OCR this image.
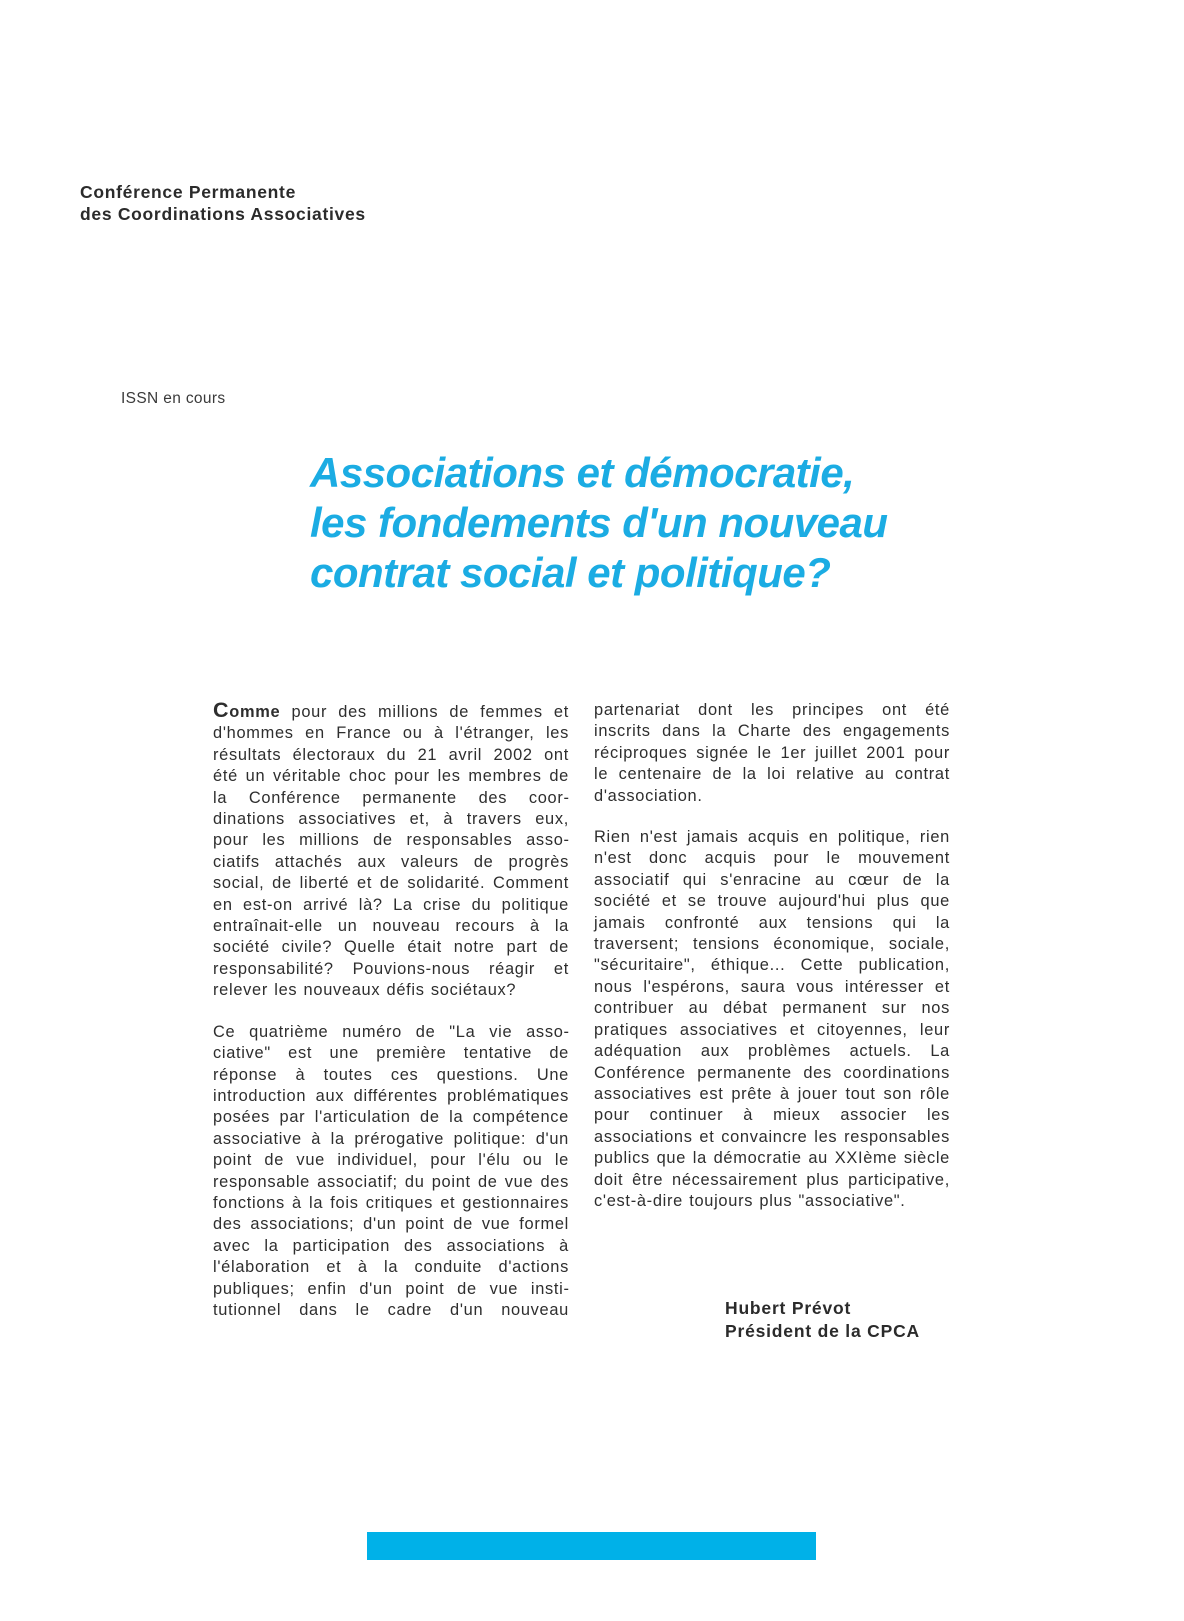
Conférence Permanente
des Coordinations Associatives
ISSN en cours
Associations et démocratie,
les fondements d'un nouveau
contrat social et politique?

Comme pour des millions de femmes et d'hommes en France ou à l'étranger, les résultats électoraux du 21 avril 2002 ont été un véritable choc pour les membres de la Conférence permanente des coordinations associatives et, à travers eux, pour les millions de responsables associatifs attachés aux valeurs de progrès social, de liberté et de solidarité. Comment en est-on arrivé là? La crise du politique entraînait-elle un nouveau recours à la société civile? Quelle était notre part de responsabilité? Pouvions-nous réagir et relever les nouveaux défis sociétaux?

Ce quatrième numéro de "La vie associative" est une première tentative de réponse à toutes ces questions. Une introduction aux différentes problématiques posées par l'articulation de la compétence associative à la prérogative politique: d'un point de vue individuel, pour l'élu ou le responsable associatif; du point de vue des fonctions à la fois critiques et gestionnaires des associations; d'un point de vue formel avec la participation des associations à l'élaboration et à la conduite d'actions publiques; enfin d'un point de vue institutionnel dans le cadre d'un nouveau partenariat dont les principes ont été inscrits dans la Charte des engagements réciproques signée le 1er juillet 2001 pour le centenaire de la loi relative au contrat d'association.

Rien n'est jamais acquis en politique, rien n'est donc acquis pour le mouvement associatif qui s'enracine au cœur de la société et se trouve aujourd'hui plus que jamais confronté aux tensions qui la traversent; tensions économique, sociale, "sécuritaire", éthique... Cette publication, nous l'espérons, saura vous intéresser et contribuer au débat permanent sur nos pratiques associatives et citoyennes, leur adéquation aux problèmes actuels. La Conférence permanente des coordinations associatives est prête à jouer tout son rôle pour continuer à mieux associer les associations et convaincre les responsables publics que la démocratie au XXIème siècle doit être nécessairement plus participative, c'est-à-dire toujours plus "associative".

Hubert Prévot
Président de la CPCA
